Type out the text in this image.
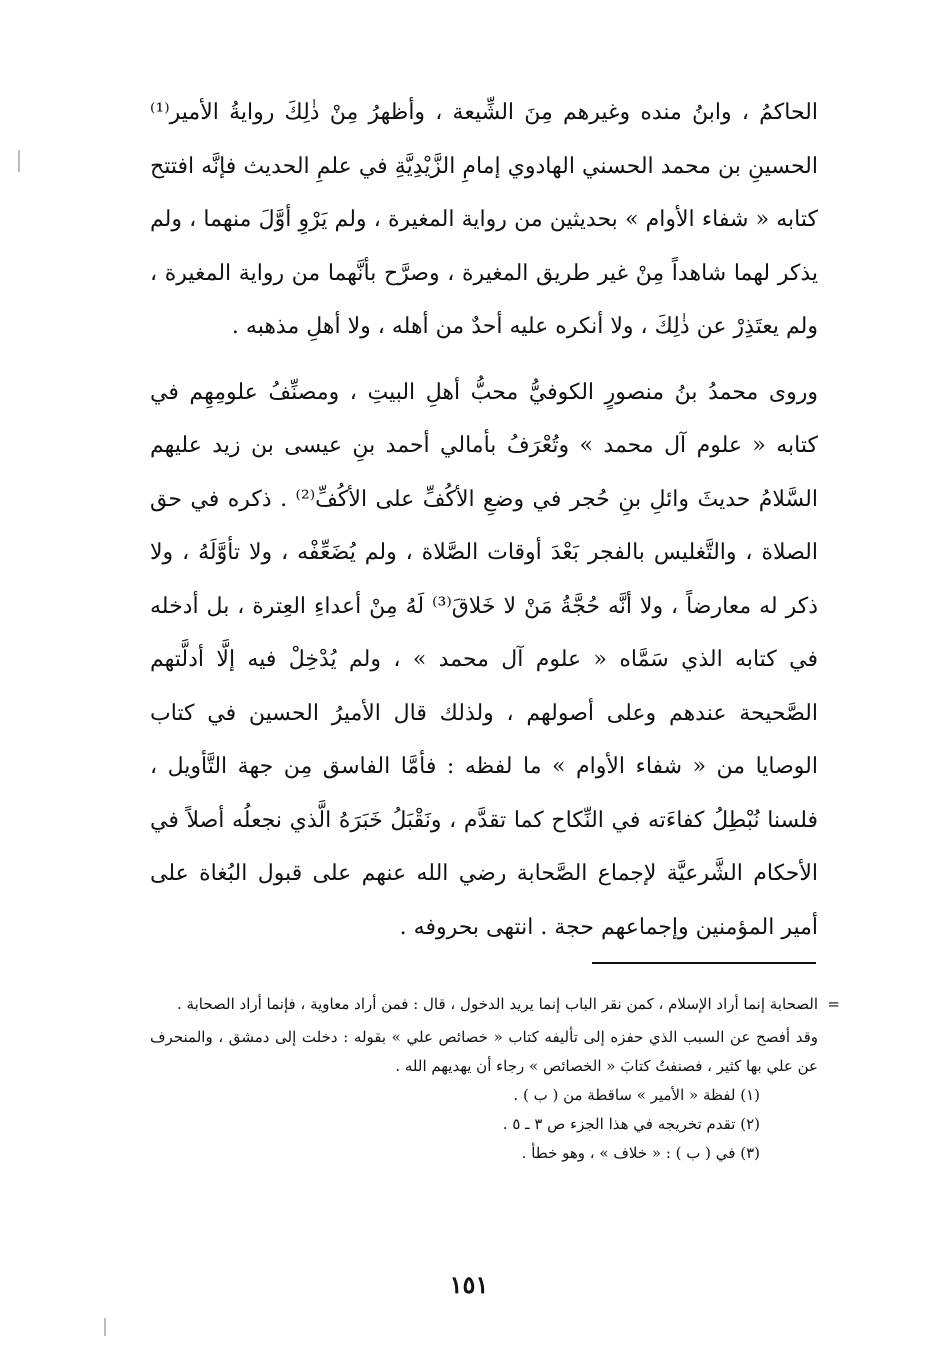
الحاكمُ ، وابنُ منده وغيرهم مِنَ الشِّيعة ، وأظهرُ مِنْ ذٰلِكَ روايةُ الأمير⁽¹⁾ الحسينِ بن محمد الحسني الهادوي إمامِ الزَّيْدِيَّةِ في علمِ الحديث فإنَّه افتتح كتابه « شفاء الأوام » بحديثين من رواية المغيرة ، ولم يَرْوِ أوَّلَ منهما ، ولم يذكر لهما شاهداً مِنْ غير طريق المغيرة ، وصرَّح بأنَّهما من رواية المغيرة ، ولم يعتَذِرْ عن ذٰلِكَ ، ولا أنكره عليه أحدٌ من أهله ، ولا أهلِ مذهبه .

وروى محمدُ بنُ منصورٍ الكوفيُّ محبُّ أهلِ البيتِ ، ومصنِّفُ علومِهِم في كتابه « علوم آل محمد » وتُعْرَفُ بأمالي أحمد بنِ عيسى بن زيد عليهم السَّلامُ حديثَ وائلِ بنِ حُجر في وضعِ الأكُفِّ على الأكُفِّ⁽²⁾ . ذكره في حق الصلاة ، والتَّغليس بالفجر بَعْدَ أوقات الصَّلاة ، ولم يُضَعِّفْه ، ولا تأوَّلَهُ ، ولا ذكر له معارضاً ، ولا أنَّه حُجَّةُ مَنْ لا خَلاقَ⁽³⁾ لَهُ مِنْ أعداءِ العِترة ، بل أدخله في كتابه الذي سَمَّاه « علوم آل محمد » ، ولم يُدْخِلْ فيه إلَّا أدلَّتهم الصَّحيحة عندهم وعلى أصولهم ، ولذلك قال الأميرُ الحسين في كتاب الوصايا من « شفاء الأوام » ما لفظه : فأمَّا الفاسق مِن جهة التَّأويل ، فلسنا نُبْطِلُ كفاءَته في النِّكاح كما تقدَّم ، ونَقْبَلُ خَبَرَهُ الَّذي نجعلُه أصلاً في الأحكام الشَّرعيَّة لإجماع الصَّحابة رضي الله عنهم على قبول البُغاة على أمير المؤمنين وإجماعهم حجة . انتهى بحروفه .

=
الصحابة إنما أراد الإسلام ، كمن نقر الباب إنما يريد الدخول ، قال : فمن أراد معاوية ، فإنما أراد الصحابة .

وقد أفصح عن السبب الذي حفزه إلى تأليفه كتاب « خصائص علي » بقوله : دخلت إلى دمشق ، والمنحرف عن علي بها كثير ، فصنفتُ كتابَ « الخصائص » رجاء أن يهديهم الله .

(١) لفظة « الأمير » ساقطة من ( ب ) .

(٢) تقدم تخريجه في هذا الجزء ص ٣ ـ ٥ .

(٣) في ( ب ) : « خلاف » ، وهو خطأ .

١٥١
